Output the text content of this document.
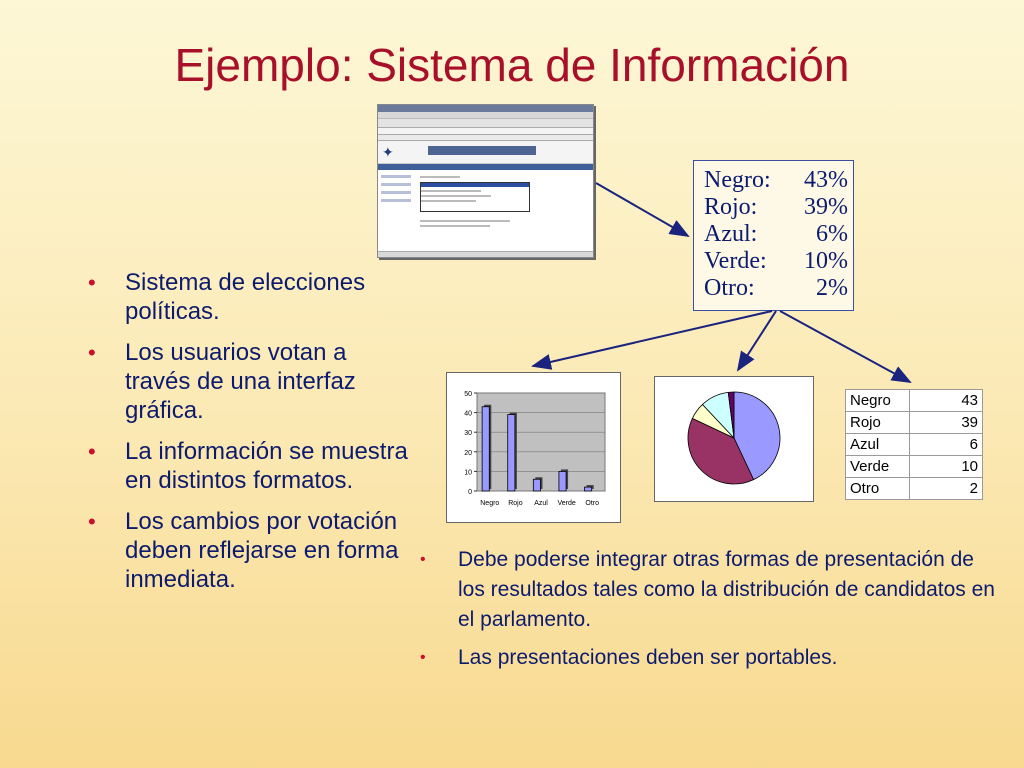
Ejemplo: Sistema de Información
✦
Negro: 43%
Rojo: 39%
Azul: 6%
Verde: 10%
Otro:	2%
0
10
20
30
40
50
Negro Rojo Azul Verde Otro
Negro	43
Rojo	39
Azul	6
Verde	10
Otro	2
• Sistema de elecciones políticas.
• Los usuarios votan a través de una interfaz gráfica.
• La información se muestra en distintos formatos.
• Los cambios por votación deben reflejarse en forma inmediata.
• Debe poderse integrar otras formas de presentación de los resultados tales como la distribución de candidatos en el parlamento.
• Las presentaciones deben ser portables.
